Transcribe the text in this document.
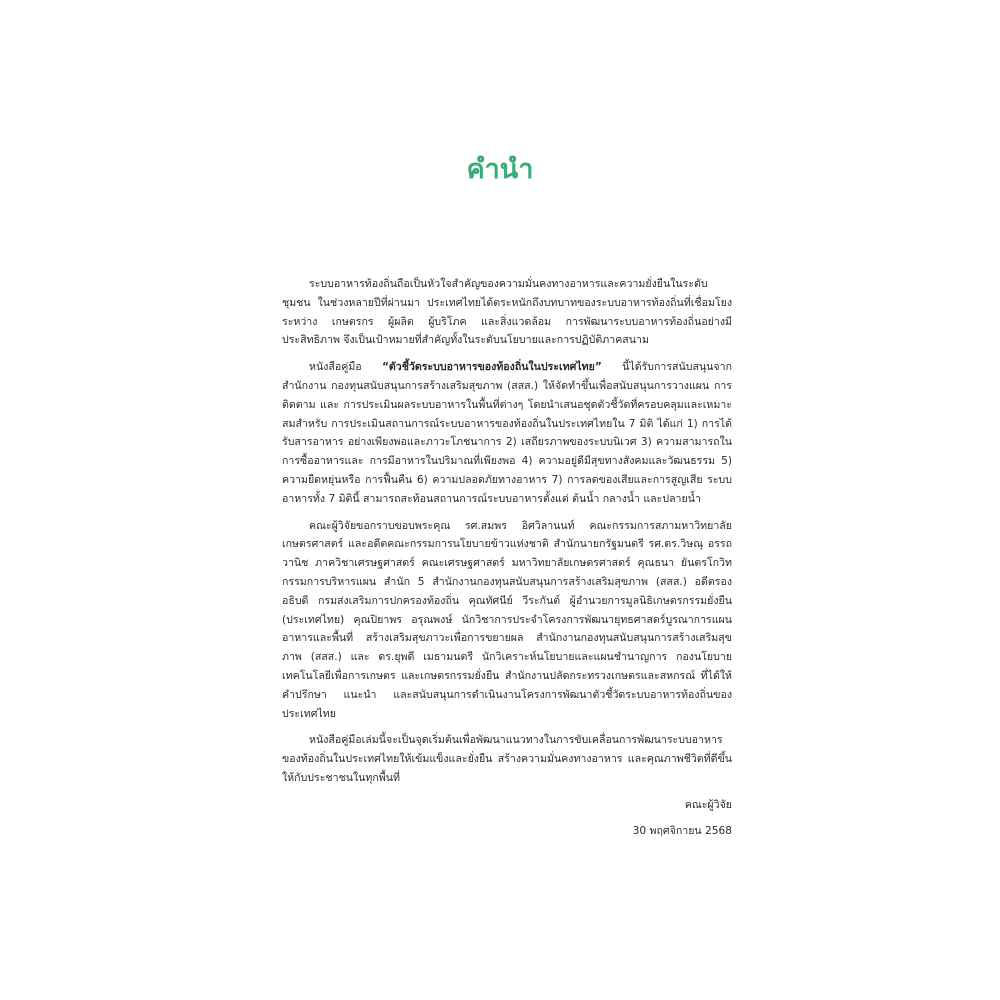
คำนำ

ระบบอาหารท้องถิ่นถือเป็นหัวใจสำคัญของความมั่นคงทางอาหารและความยั่งยืนในระดับชุมชน ในช่วงหลายปีที่ผ่านมา ประเทศไทยได้ตระหนักถึงบทบาทของระบบอาหารท้องถิ่นที่เชื่อมโยงระหว่าง เกษตรกร ผู้ผลิต ผู้บริโภค และสิ่งแวดล้อม การพัฒนาระบบอาหารท้องถิ่นอย่างมีประสิทธิภาพ จึงเป็นเป้าหมายที่สำคัญทั้งในระดับนโยบายและการปฏิบัติภาคสนาม

หนังสือคู่มือ “ตัวชี้วัดระบบอาหารของท้องถิ่นในประเทศไทย” นี้ได้รับการสนับสนุนจากสำนักงาน กองทุนสนับสนุนการสร้างเสริมสุขภาพ (สสส.) ให้จัดทำขึ้นเพื่อสนับสนุนการวางแผน การติดตาม และ การประเมินผลระบบอาหารในพื้นที่ต่างๆ โดยนำเสนอชุดตัวชี้วัดที่ครอบคลุมและเหมาะสมสำหรับ การประเมินสถานการณ์ระบบอาหารของท้องถิ่นในประเทศไทยใน 7 มิติ ได้แก่ 1) การได้รับสารอาหาร อย่างเพียงพอและภาวะโภชนาการ 2) เสถียรภาพของระบบนิเวศ 3) ความสามารถในการซื้ออาหารและ การมีอาหารในปริมาณที่เพียงพอ 4) ความอยู่ดีมีสุขทางสังคมและวัฒนธรรม 5) ความยืดหยุ่นหรือ การฟื้นคืน 6) ความปลอดภัยทางอาหาร 7) การลดของเสียและการสูญเสีย ระบบอาหารทั้ง 7 มิตินี้ สามารถสะท้อนสถานการณ์ระบบอาหารตั้งแต่ ต้นน้ำ กลางน้ำ และปลายน้ำ

คณะผู้วิจัยขอกราบขอบพระคุณ รศ.สมพร อิศวิลานนท์ คณะกรรมการสภามหาวิทยาลัย เกษตรศาสตร์ และอดีตคณะกรรมการนโยบายข้าวแห่งชาติ สำนักนายกรัฐมนตรี รศ.ดร.วิษณุ อรรถวานิช ภาควิชาเศรษฐศาสตร์ คณะเศรษฐศาสตร์ มหาวิทยาลัยเกษตรศาสตร์ คุณธนา ยันตรโกวิท กรรมการบริหารแผน สำนัก 5 สำนักงานกองทุนสนับสนุนการสร้างเสริมสุขภาพ (สสส.) อดีตรองอธิบดี กรมส่งเสริมการปกครองท้องถิ่น คุณทัศนีย์ วีระกันต์ ผู้อำนวยการมูลนิธิเกษตรกรรมยั่งยืน (ประเทศไทย) คุณปิยาพร อรุณพงษ์ นักวิชาการประจำโครงการพัฒนายุทธศาสตร์บูรณาการแผนอาหารและพื้นที่ สร้างเสริมสุขภาวะเพื่อการขยายผล สำนักงานกองทุนสนับสนุนการสร้างเสริมสุขภาพ (สสส.) และ ดร.ยุพดี เมธามนตรี นักวิเคราะห์นโยบายและแผนชำนาญการ กองนโยบายเทคโนโลยีเพื่อการเกษตร และเกษตรกรรมยั่งยืน สำนักงานปลัดกระทรวงเกษตรและสหกรณ์ ที่ได้ให้คำปรึกษา แนะนำ และสนับสนุนการดำเนินงานโครงการพัฒนาตัวชี้วัดระบบอาหารท้องถิ่นของประเทศไทย

หนังสือคู่มือเล่มนี้จะเป็นจุดเริ่มต้นเพื่อพัฒนาแนวทางในการขับเคลื่อนการพัฒนาระบบอาหาร ของท้องถิ่นในประเทศไทยให้เข้มแข็งและยั่งยืน สร้างความมั่นคงทางอาหาร และคุณภาพชีวิตที่ดีขึ้น ให้กับประชาชนในทุกพื้นที่

คณะผู้วิจัย
30 พฤศจิกายน 2568
